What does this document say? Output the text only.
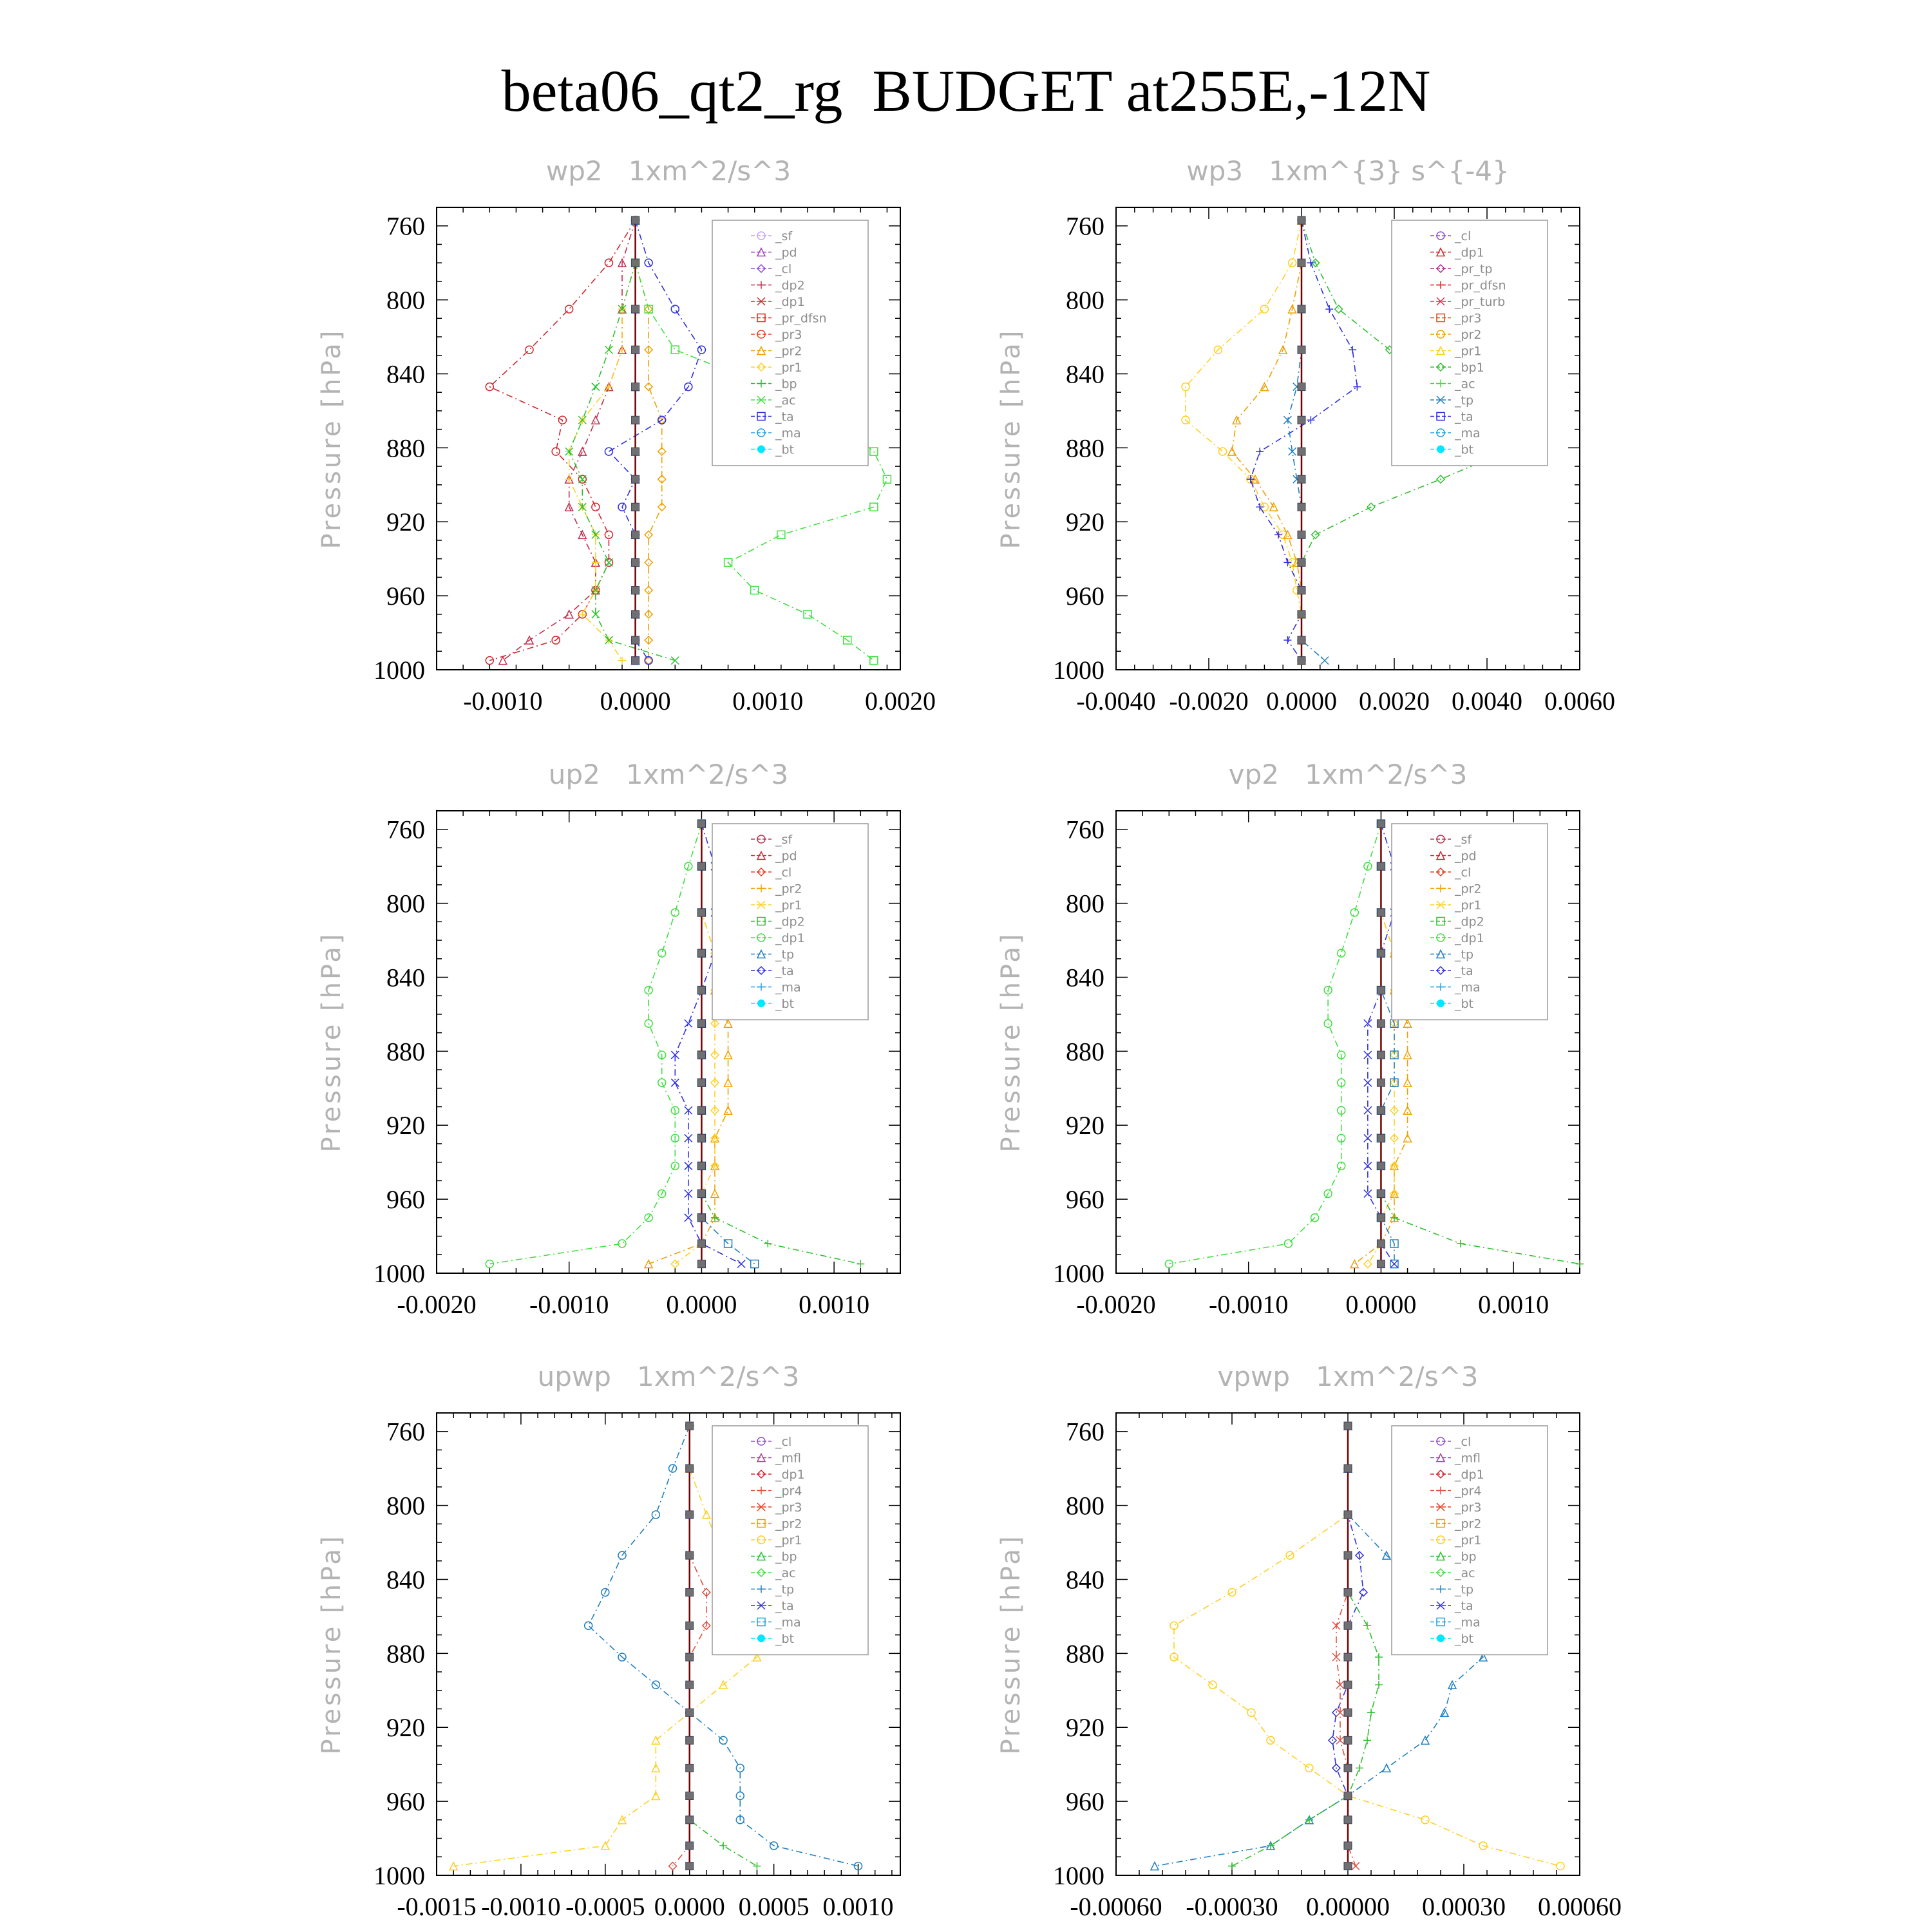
beta06_qt2_rg  BUDGET at255E,-12N
wp2   1xm^2/s^3
760
800
840
880
920
960
1000
-0.0010 0.0000 0.0010 0.0020
Pressure [hPa]
_sf
_pd
_cl
_dp2
_dp1
_pr_dfsn
_pr3
_pr2
_pr1
_bp
_ac
_ta
_ma
_bt
wp3   1xm^{3} s^{-4}
760
800
840
880
920
960
1000
-0.0040 -0.0020 0.0000 0.0020 0.0040 0.0060
Pressure [hPa]
_cl
_dp1
_pr_tp
_pr_dfsn
_pr_turb
_pr3
_pr2
_pr1
_bp1
_ac
_tp
_ta
_ma
_bt
up2   1xm^2/s^3
760
800
840
880
920
960
1000
-0.0020 -0.0010 0.0000 0.0010
Pressure [hPa]
_sf
_pd
_cl
_pr2
_pr1
_dp2
_dp1
_tp
_ta
_ma
_bt
vp2   1xm^2/s^3
760
800
840
880
920
960
1000
-0.0020 -0.0010 0.0000 0.0010
Pressure [hPa]
_sf
_pd
_cl
_pr2
_pr1
_dp2
_dp1
_tp
_ta
_ma
_bt
upwp   1xm^2/s^3
760
800
840
880
920
960
1000
-0.0015 -0.0010 -0.0005 0.0000 0.0005 0.0010
Pressure [hPa]
_cl
_mfl
_dp1
_pr4
_pr3
_pr2
_pr1
_bp
_ac
_tp
_ta
_ma
_bt
vpwp   1xm^2/s^3
760
800
840
880
920
960
1000
-0.00060 -0.00030 0.00000 0.00030 0.00060
Pressure [hPa]
_cl
_mfl
_dp1
_pr4
_pr3
_pr2
_pr1
_bp
_ac
_tp
_ta
_ma
_bt
